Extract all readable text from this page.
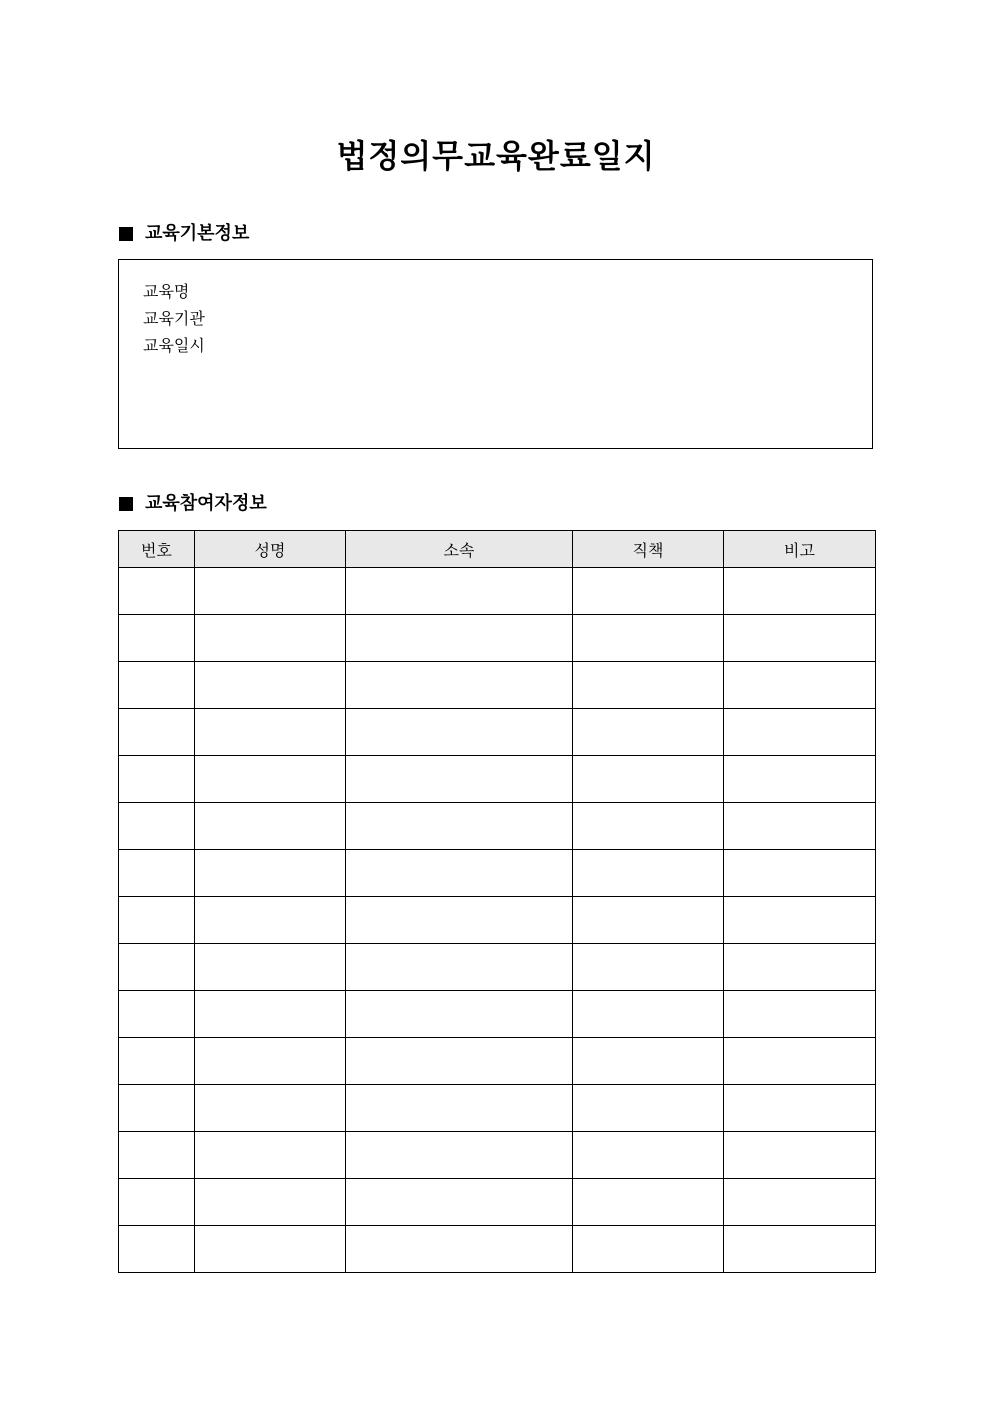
법정의무교육완료일지
교육기본정보
교육명
교육기관
교육일시
교육참여자정보
번호	성명	소속	직책	비고
